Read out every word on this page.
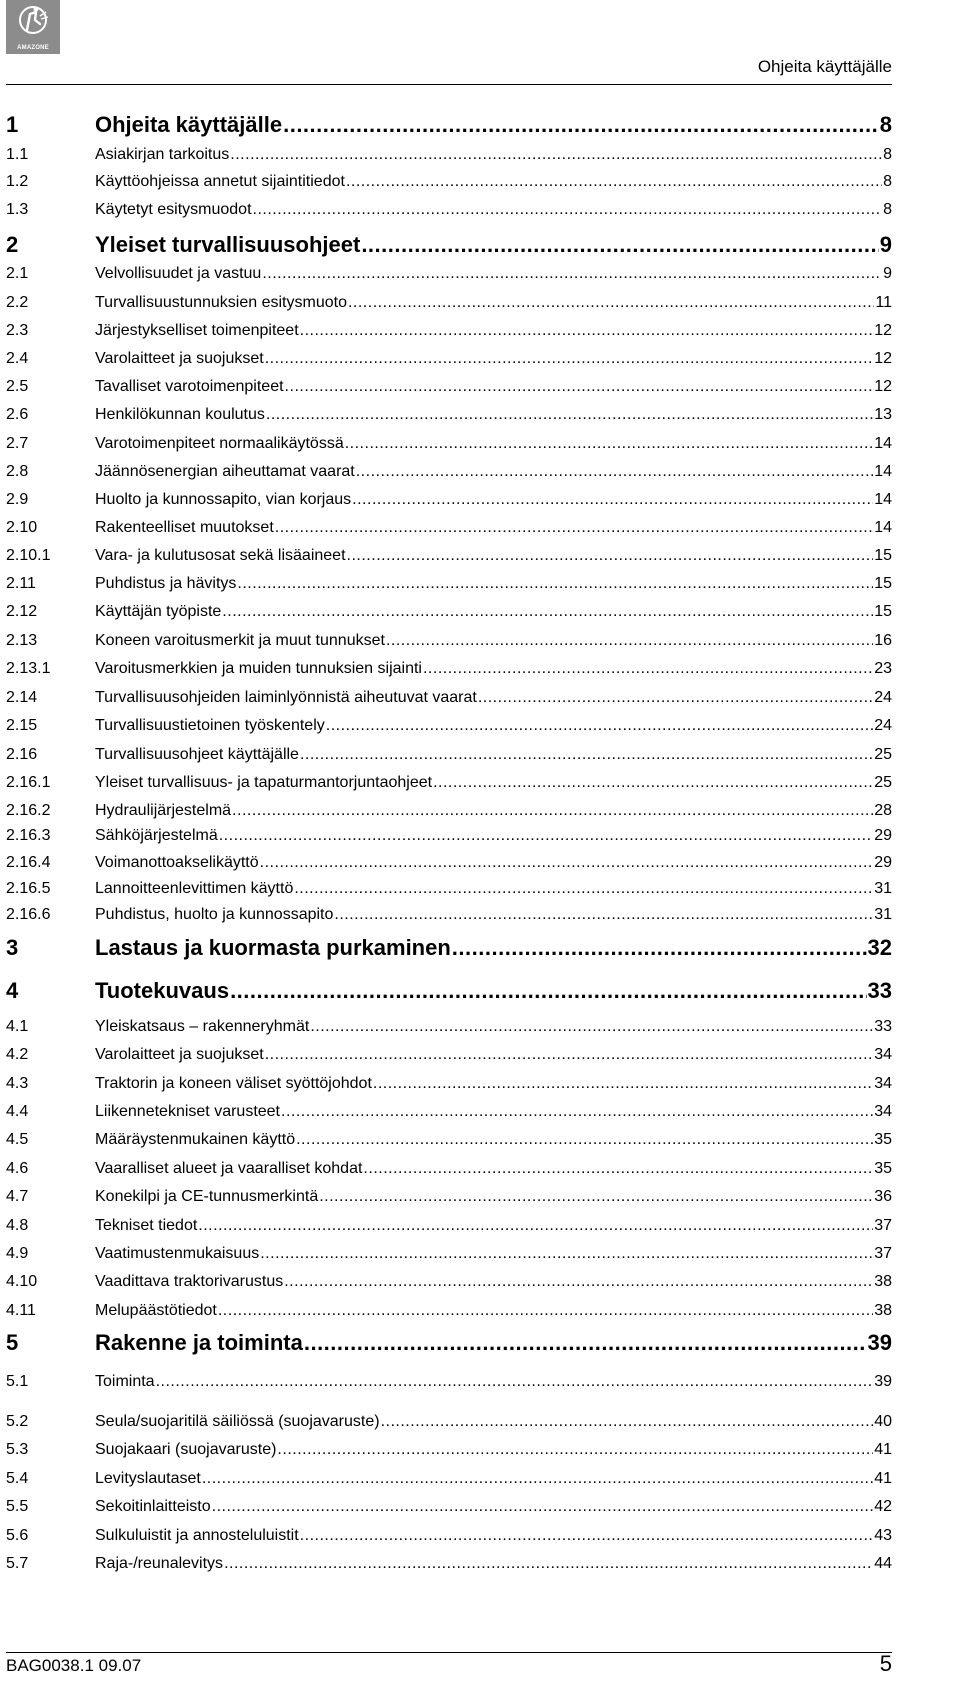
AMAZONE
Ohjeita käyttäjälle
1	Ohjeita käyttäjälle .....	8
1.1	Asiakirjan tarkoitus .....	8
1.2	Käyttöohjeissa annetut sijaintitiedot .....	8
1.3	Käytetyt esitysmuodot .....	8
2	Yleiset turvallisuusohjeet .....	9
2.1	Velvollisuudet ja vastuu .....	9
2.2	Turvallisuustunnuksien esitysmuoto .....	11
2.3	Järjestykselliset toimenpiteet .....	12
2.4	Varolaitteet ja suojukset .....	12
2.5	Tavalliset varotoimenpiteet .....	12
2.6	Henkilökunnan koulutus .....	13
2.7	Varotoimenpiteet normaalikäytössä .....	14
2.8	Jäännösenergian aiheuttamat vaarat .....	14
2.9	Huolto ja kunnossapito, vian korjaus .....	14
2.10	Rakenteelliset muutokset .....	14
2.10.1	Vara- ja kulutusosat sekä lisäaineet .....	15
2.11	Puhdistus ja hävitys .....	15
2.12	Käyttäjän työpiste .....	15
2.13	Koneen varoitusmerkit ja muut tunnukset .....	16
2.13.1	Varoitusmerkkien ja muiden tunnuksien sijainti .....	23
2.14	Turvallisuusohjeiden laiminlyönnistä aiheutuvat vaarat .....	24
2.15	Turvallisuustietoinen työskentely .....	24
2.16	Turvallisuusohjeet käyttäjälle .....	25
2.16.1	Yleiset turvallisuus- ja tapaturmantorjuntaohjeet .....	25
2.16.2	Hydraulijärjestelmä .....	28
2.16.3	Sähköjärjestelmä .....	29
2.16.4	Voimanottoakselikäyttö .....	29
2.16.5	Lannoitteenlevittimen käyttö .....	31
2.16.6	Puhdistus, huolto ja kunnossapito .....	31
3	Lastaus ja kuormasta purkaminen .....	32
4	Tuotekuvaus .....	33
4.1	Yleiskatsaus – rakenneryhmät .....	33
4.2	Varolaitteet ja suojukset .....	34
4.3	Traktorin ja koneen väliset syöttöjohdot .....	34
4.4	Liikennetekniset varusteet .....	34
4.5	Määräystenmukainen käyttö .....	35
4.6	Vaaralliset alueet ja vaaralliset kohdat .....	35
4.7	Konekilpi ja CE-tunnusmerkintä .....	36
4.8	Tekniset tiedot .....	37
4.9	Vaatimustenmukaisuus .....	37
4.10	Vaadittava traktorivarustus .....	38
4.11	Melupäästötiedot .....	38
5	Rakenne ja toiminta .....	39
5.1	Toiminta .....	39
5.2	Seula/suojaritilä säiliössä (suojavaruste) .....	40
5.3	Suojakaari (suojavaruste) .....	41
5.4	Levityslautaset .....	41
5.5	Sekoitinlaitteisto .....	42
5.6	Sulkuluistit ja annosteluluistit .....	43
5.7	Raja-/reunalevitys .....	44
BAG0038.1 09.07	5
